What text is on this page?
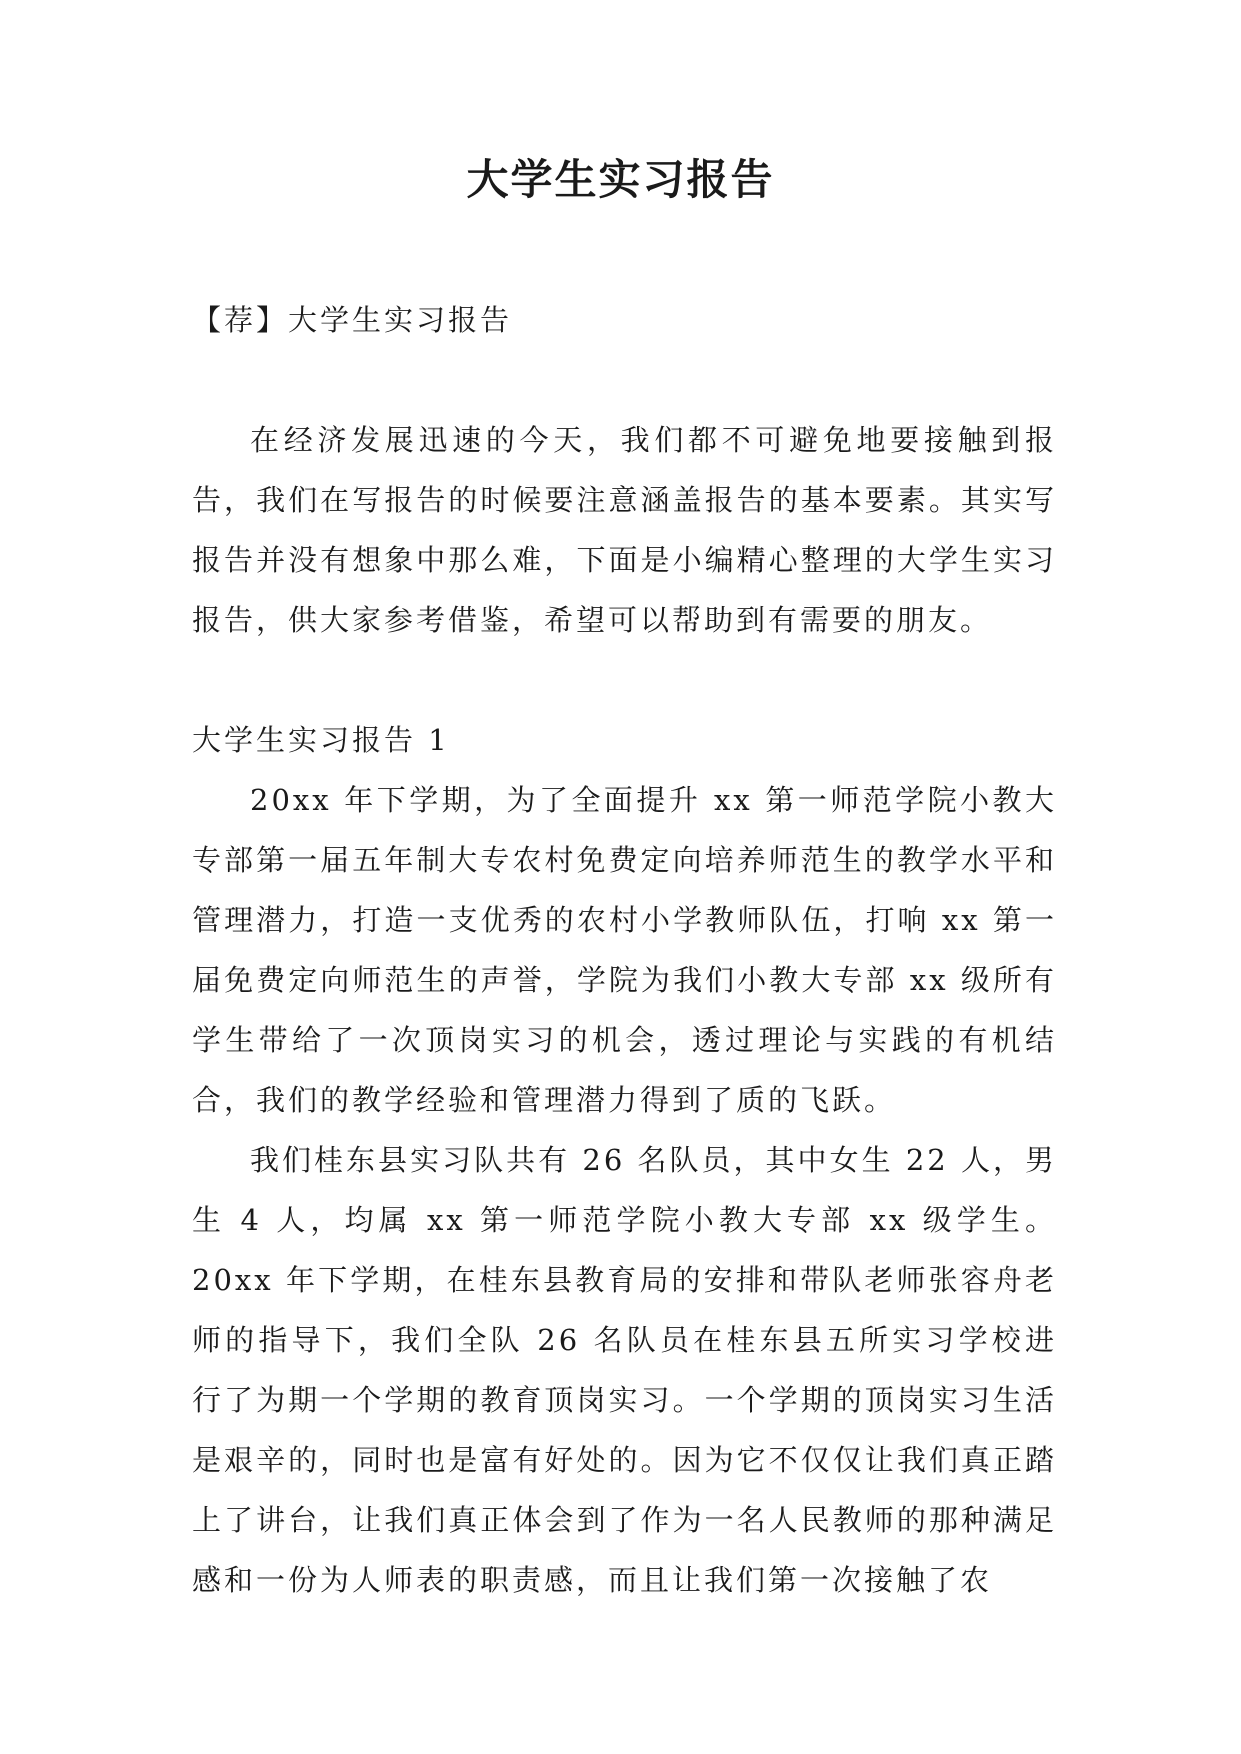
大学生实习报告

【荐】大学生实习报告

在经济发展迅速的今天，我们都不可避免地要接触到报告，我们在写报告的时候要注意涵盖报告的基本要素。其实写报告并没有想象中那么难，下面是小编精心整理的大学生实习报告，供大家参考借鉴，希望可以帮助到有需要的朋友。

大学生实习报告 1

20xx 年下学期，为了全面提升 xx 第一师范学院小教大专部第一届五年制大专农村免费定向培养师范生的教学水平和管理潜力，打造一支优秀的农村小学教师队伍，打响 xx 第一届免费定向师范生的声誉，学院为我们小教大专部 xx 级所有学生带给了一次顶岗实习的机会，透过理论与实践的有机结合，我们的教学经验和管理潜力得到了质的飞跃。

我们桂东县实习队共有 26 名队员，其中女生 22 人，男生 4 人，均属 xx 第一师范学院小教大专部 xx 级学生。20xx 年下学期，在桂东县教育局的安排和带队老师张容舟老师的指导下，我们全队 26 名队员在桂东县五所实习学校进行了为期一个学期的教育顶岗实习。一个学期的顶岗实习生活是艰辛的，同时也是富有好处的。因为它不仅仅让我们真正踏上了讲台，让我们真正体会到了作为一名人民教师的那种满足感和一份为人师表的职责感，而且让我们第一次接触了农
